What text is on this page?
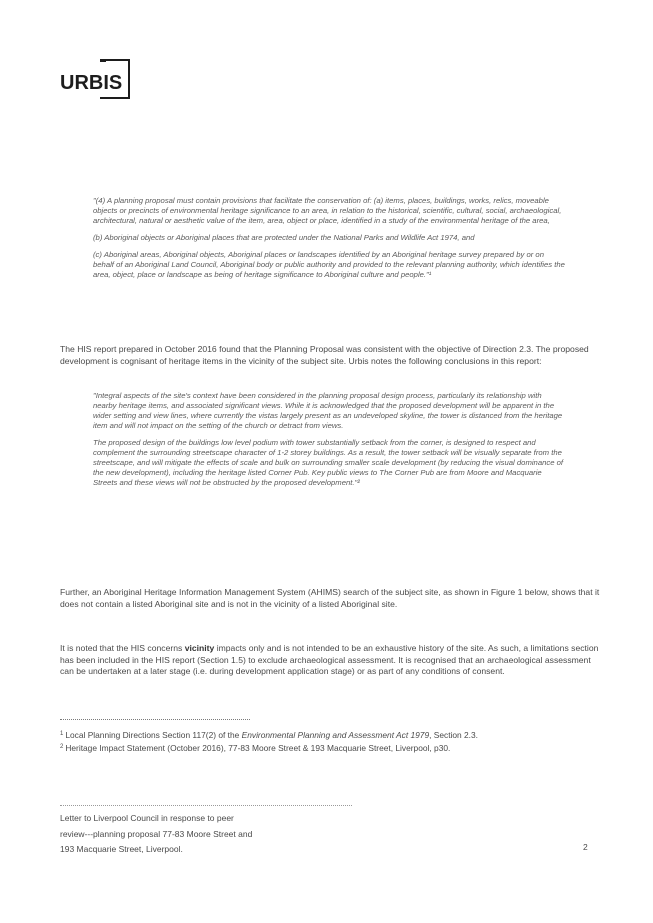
URBIS

"(4) A planning proposal must contain provisions that facilitate the conservation of: (a) items, places, buildings, works, relics, moveable objects or precincts of environmental heritage significance to an area, in relation to the historical, scientific, cultural, social, archaeological, architectural, natural or aesthetic value of the item, area, object or place, identified in a study of the environmental heritage of the area,

(b) Aboriginal objects or Aboriginal places that are protected under the National Parks and Wildlife Act 1974, and

(c) Aboriginal areas, Aboriginal objects, Aboriginal places or landscapes identified by an Aboriginal heritage survey prepared by or on behalf of an Aboriginal Land Council, Aboriginal body or public authority and provided to the relevant planning authority, which identifies the area, object, place or landscape as being of heritage significance to Aboriginal culture and people."¹

The HIS report prepared in October 2016 found that the Planning Proposal was consistent with the objective of Direction 2.3. The proposed development is cognisant of heritage items in the vicinity of the subject site. Urbis notes the following conclusions in this report:

"Integral aspects of the site's context have been considered in the planning proposal design process, particularly its relationship with nearby heritage items, and associated significant views. While it is acknowledged that the proposed development will be apparent in the wider setting and view lines, where currently the vistas largely present as an undeveloped skyline, the tower is distanced from the heritage item and will not impact on the setting of the church or detract from views.

The proposed design of the buildings low level podium with tower substantially setback from the corner, is designed to respect and complement the surrounding streetscape character of 1-2 storey buildings. As a result, the tower setback will be visually separate from the streetscape, and will mitigate the effects of scale and bulk on surrounding smaller scale development (by reducing the visual dominance of the new development), including the heritage listed Corner Pub. Key public views to The Corner Pub are from Moore and Macquarie Streets and these views will not be obstructed by the proposed development."²

Further, an Aboriginal Heritage Information Management System (AHIMS) search of the subject site, as shown in Figure 1 below, shows that it does not contain a listed Aboriginal site and is not in the vicinity of a listed Aboriginal site.

It is noted that the HIS concerns vicinity impacts only and is not intended to be an exhaustive history of the site. As such, a limitations section has been included in the HIS report (Section 1.5) to exclude archaeological assessment. It is recognised that an archaeological assessment can be undertaken at a later stage (i.e. during development application stage) or as part of any conditions of consent.

$^1$ Local Planning Directions Section 117(2) of the Environmental Planning and Assessment Act 1979, Section 2.3.

$^2$ Heritage Impact Statement (October 2016), 77-83 Moore Street & 193 Macquarie Street, Liverpool, p30.

Letter to Liverpool Council in response to peer
review---planning proposal 77-83 Moore Street and
193 Macquarie Street, Liverpool.	2
